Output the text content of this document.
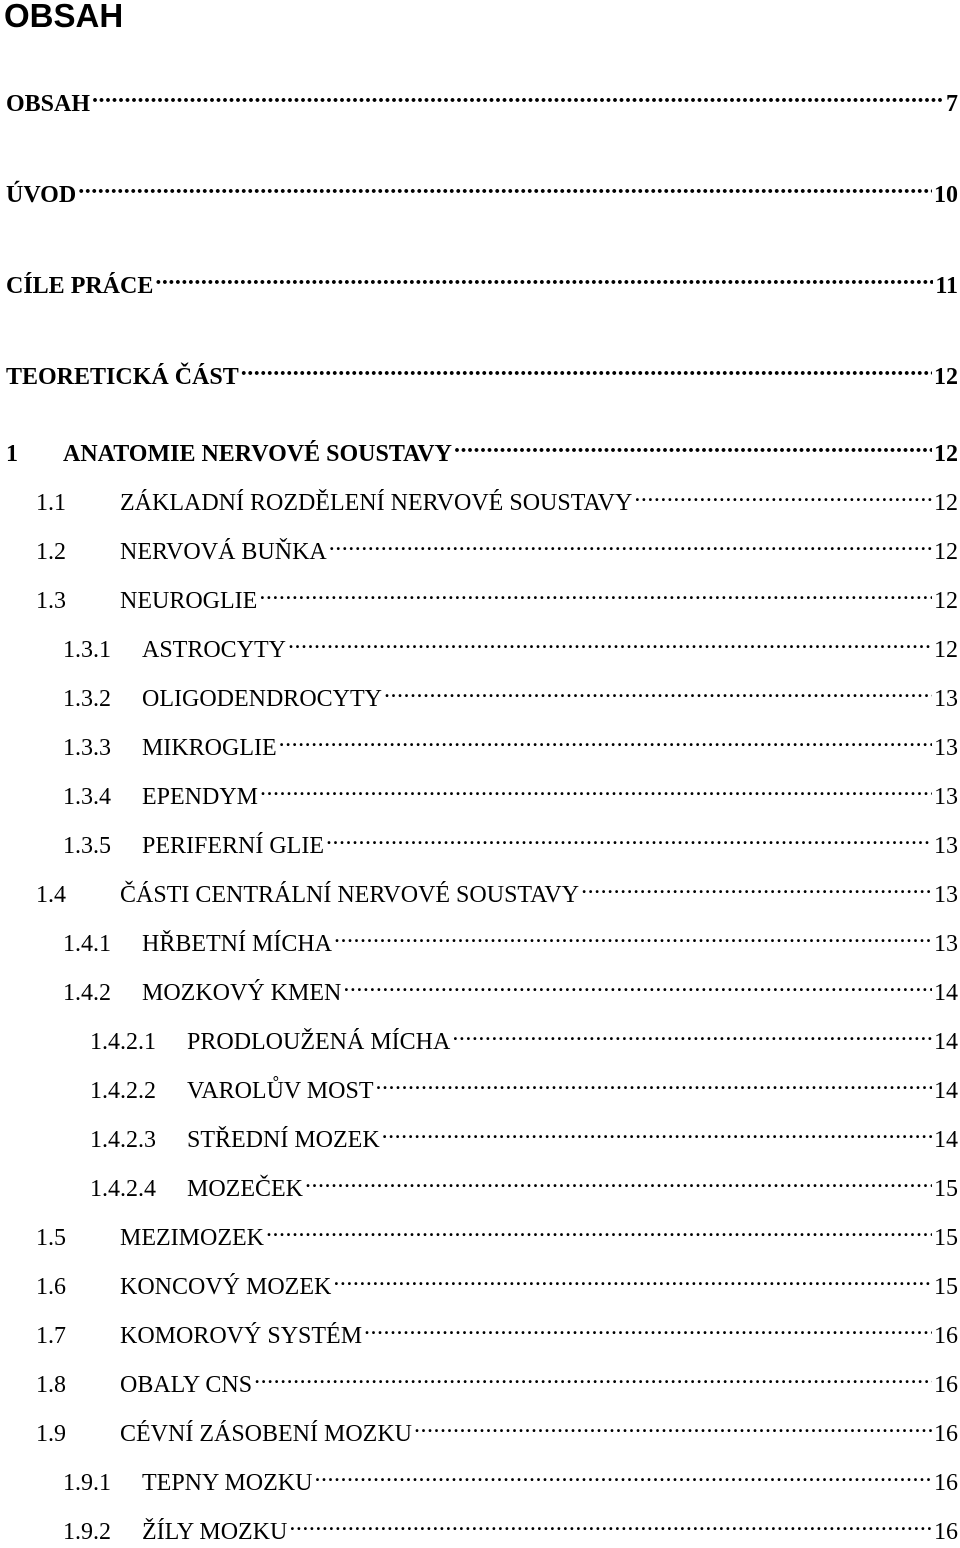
OBSAH
OBSAH .....	7
ÚVOD .....	10
CÍLE PRÁCE .....	11
TEORETICKÁ ČÁST .....	12
1	ANATOMIE NERVOVÉ SOUSTAVY .....	12
1.1	ZÁKLADNÍ ROZDĚLENÍ NERVOVÉ SOUSTAVY .....	12
1.2	NERVOVÁ BUŇKA .....	12
1.3	NEUROGLIE .....	12
1.3.1	ASTROCYTY .....	12
1.3.2	OLIGODENDROCYTY .....	13
1.3.3	MIKROGLIE .....	13
1.3.4	EPENDYM .....	13
1.3.5	PERIFERNÍ GLIE .....	13
1.4	ČÁSTI CENTRÁLNÍ NERVOVÉ SOUSTAVY .....	13
1.4.1	HŘBETNÍ MÍCHA .....	13
1.4.2	MOZKOVÝ KMEN .....	14
1.4.2.1	PRODLOUŽENÁ MÍCHA .....	14
1.4.2.2	VAROLŮV MOST .....	14
1.4.2.3	STŘEDNÍ MOZEK .....	14
1.4.2.4	MOZEČEK .....	15
1.5	MEZIMOZEK .....	15
1.6	KONCOVÝ MOZEK .....	15
1.7	KOMOROVÝ SYSTÉM .....	16
1.8	OBALY CNS .....	16
1.9	CÉVNÍ ZÁSOBENÍ MOZKU .....	16
1.9.1	TEPNY MOZKU .....	16
1.9.2	ŽÍLY MOZKU .....	16
